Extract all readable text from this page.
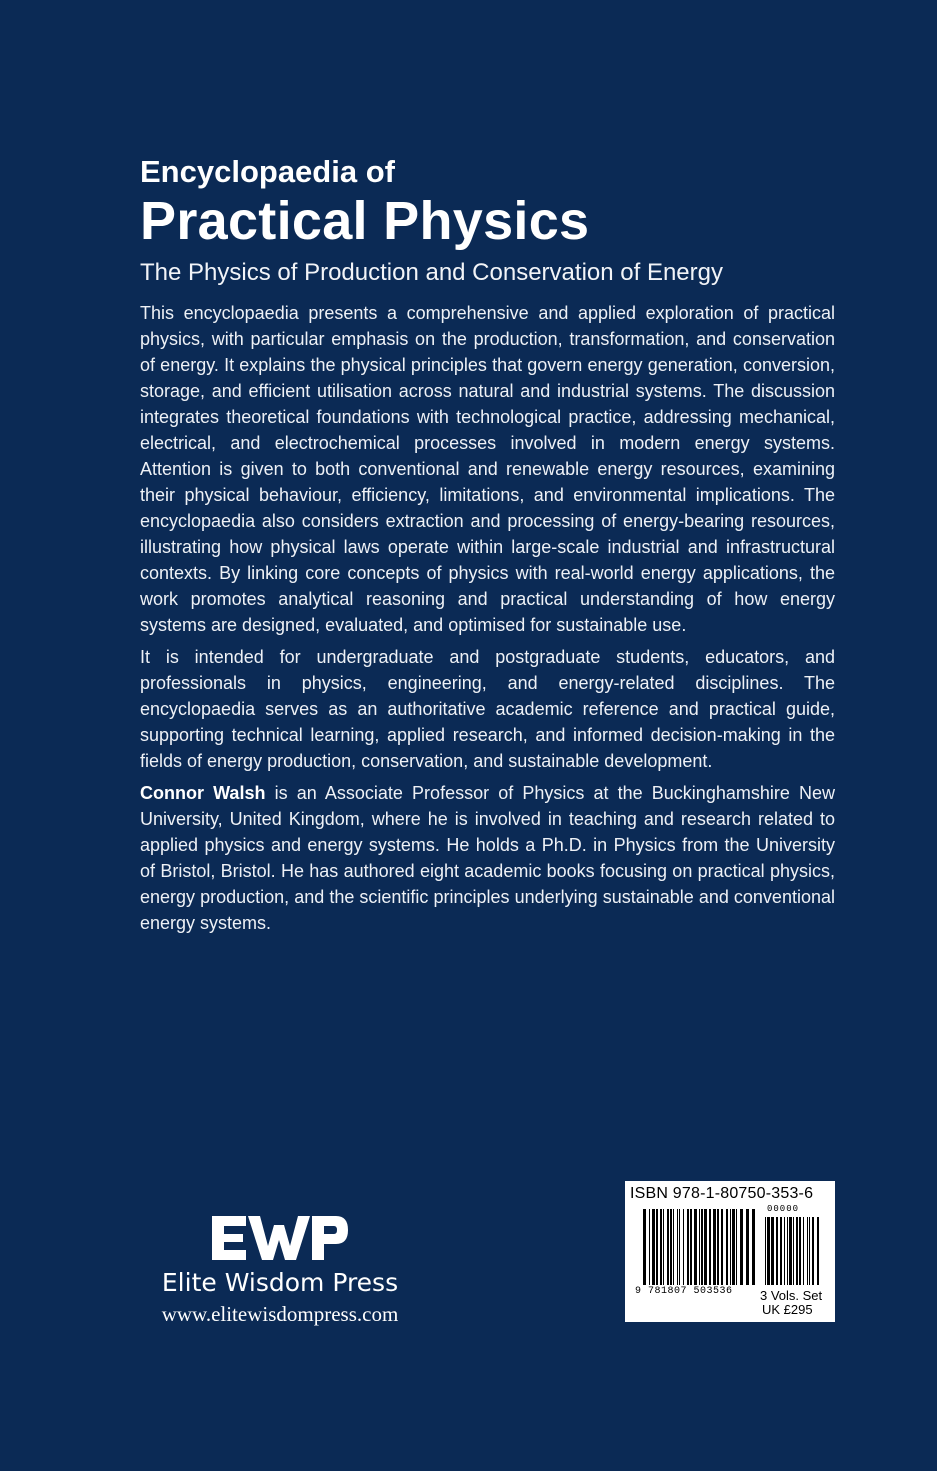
Encyclopaedia of
Practical Physics
The Physics of Production and Conservation of Energy

This encyclopaedia presents a comprehensive and applied exploration of practical physics, with particular emphasis on the production, transformation, and conservation of energy. It explains the physical principles that govern energy generation, conversion, storage, and efficient utilisation across natural and industrial systems. The discussion integrates theoretical foundations with technological practice, addressing mechanical, electrical, and electrochemical processes involved in modern energy systems. Attention is given to both conventional and renewable energy resources, examining their physical behaviour, efficiency, limitations, and environmental implications. The encyclopaedia also considers extraction and processing of energy-bearing resources, illustrating how physical laws operate within large-scale industrial and infrastructural contexts. By linking core concepts of physics with real-world energy applications, the work promotes analytical reasoning and practical understanding of how energy systems are designed, evaluated, and optimised for sustainable use.

It is intended for undergraduate and postgraduate students, educators, and professionals in physics, engineering, and energy-related disciplines. The encyclopaedia serves as an authoritative academic reference and practical guide, supporting technical learning, applied research, and informed decision-making in the fields of energy production, conservation, and sustainable development.

Connor Walsh is an Associate Professor of Physics at the Buckinghamshire New University, United Kingdom, where he is involved in teaching and research related to applied physics and energy systems. He holds a Ph.D. in Physics from the University of Bristol, Bristol. He has authored eight academic books focusing on practical physics, energy production, and the scientific principles underlying sustainable and conventional energy systems.

Elite Wisdom Press
www.elitewisdompress.com
ISBN 978-1-80750-353-6
00000
9 781807 503536 3 Vols. Set
UK £295
